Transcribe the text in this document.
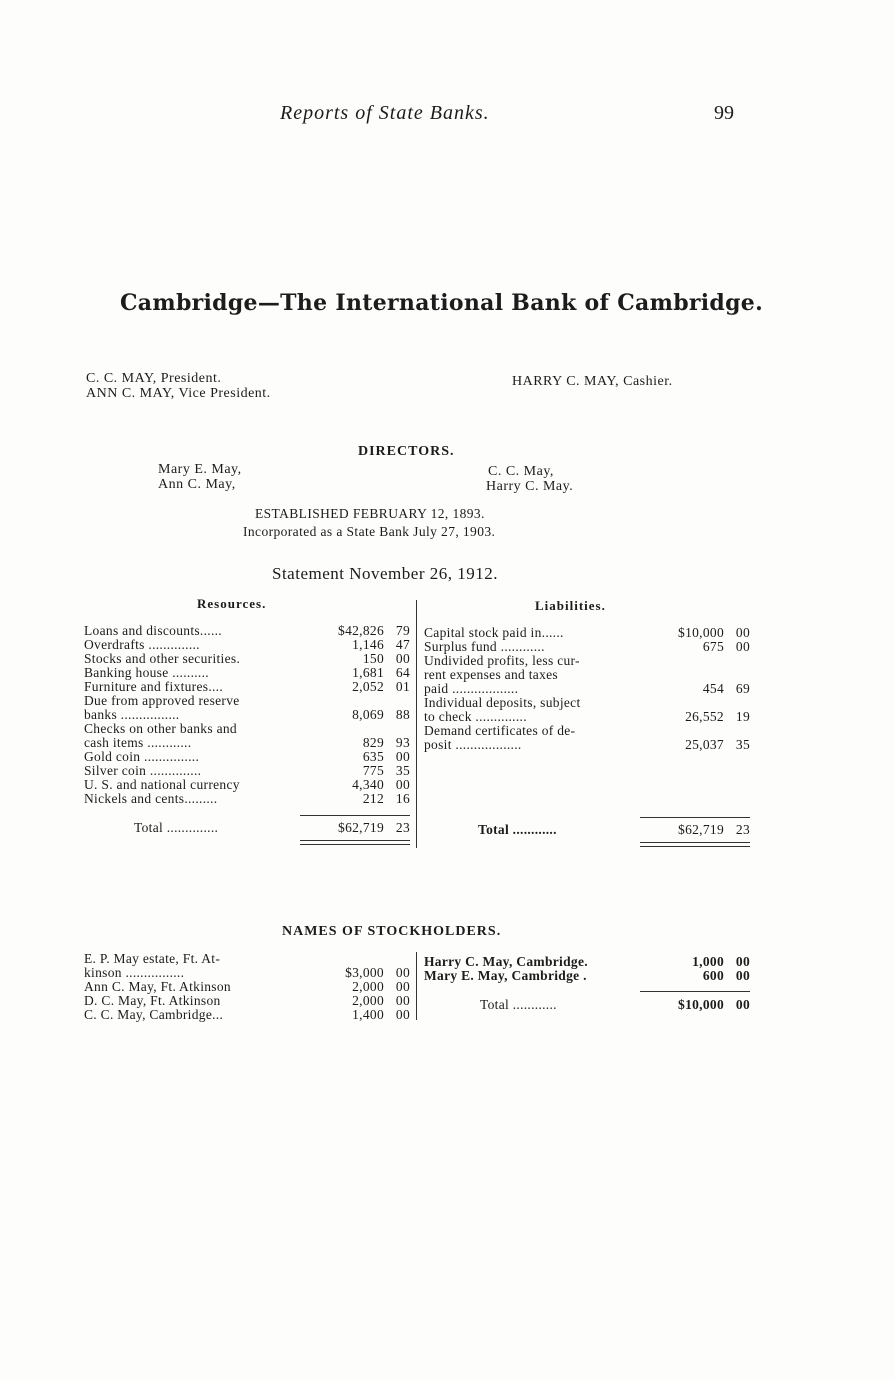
Reports of State Banks.	99
Cambridge—The International Bank of Cambridge.
C. C. MAY, President.
ANN C. MAY, Vice President.
HARRY C. MAY, Cashier.
DIRECTORS.
Mary E. May,
Ann C. May,
C. C. May,
Harry C. May.
ESTABLISHED FEBRUARY 12, 1893.
Incorporated as a State Bank July 27, 1903.
Statement November 26, 1912.
Resources.	Liabilities.
Loans and discounts......	$42,826 79
Overdrafts ..............	1,146 47
Stocks and other securities.	150 00
Banking house ..........	1,681 64
Furniture and fixtures....	2,052 01
Due from approved reserve
banks ................	8,069 88
Checks on other banks and
cash items ............	829 93
Gold coin ...............	635 00
Silver coin ..............	775 35
U. S. and national currency	4,340 00
Nickels and cents.........	212 16
Total ..............	$62,719 23
Capital stock paid in......	$10,000 00
Surplus fund ............	675 00
Undivided profits, less cur-
rent expenses and taxes
paid ..................	454 69
Individual deposits, subject
to check ..............	26,552 19
Demand certificates of de-
posit ..................	25,037 35
Total ............	$62,719 23
NAMES OF STOCKHOLDERS.
E. P. May estate, Ft. At-
kinson ................	$3,000 00
Ann C. May, Ft. Atkinson	2,000 00
D. C. May, Ft. Atkinson	2,000 00
C. C. May, Cambridge...	1,400 00
Harry C. May, Cambridge.	1,000 00
Mary E. May, Cambridge .	600 00
Total ............	$10,000 00
